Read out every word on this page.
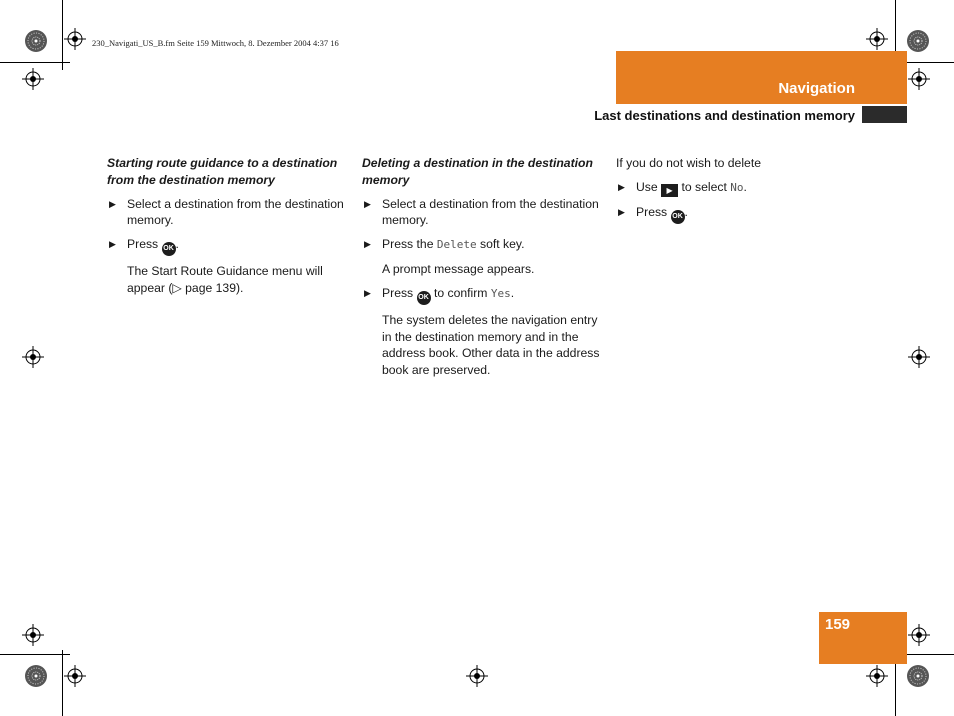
230_Navigati_US_B.fm Seite 159 Mittwoch, 8. Dezember 2004 4:37 16
Navigation
Last destinations and destination memory

Starting route guidance to a destination from the destination memory

▶ Select a destination from the destination memory.
▶ Press OK .

The Start Route Guidance menu will appear (▷ page 139).

Deleting a destination in the destination memory

▶ Select a destination from the destination memory.
▶ Press the Delete soft key.

A prompt message appears.

▶ Press OK to confirm Yes.

The system deletes the navigation entry in the destination memory and in the address book. Other data in the address book are preserved.

If you do not wish to delete

▶ Use ▶ to select No.
▶ Press OK .
159
